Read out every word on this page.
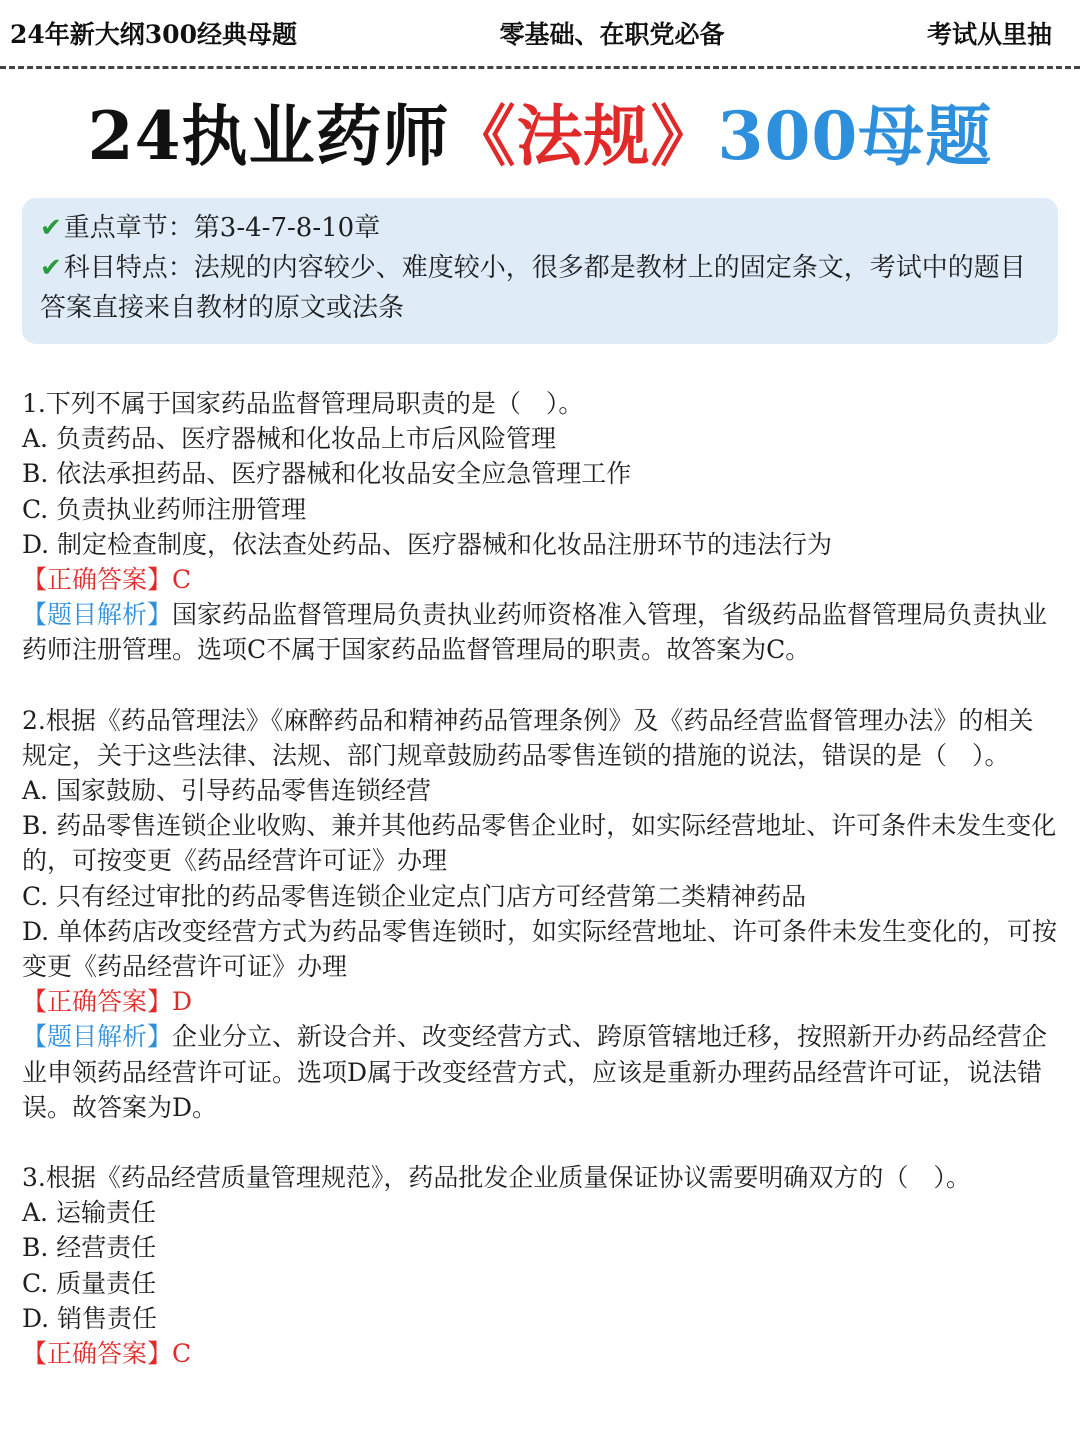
24年新大纲300经典母题	零基础、在职党必备	考试从里抽
24执业药师《法规》300母题

✔重点章节：第3-4-7-8-10章

✔科目特点：法规的内容较少、难度较小，很多都是教材上的固定条文，考试中的题目答案直接来自教材的原文或法条

1.下列不属于国家药品监督管理局职责的是（　）。

A. 负责药品、医疗器械和化妆品上市后风险管理

B. 依法承担药品、医疗器械和化妆品安全应急管理工作

C. 负责执业药师注册管理

D. 制定检查制度，依法查处药品、医疗器械和化妆品注册环节的违法行为

【正确答案】C

【题目解析】国家药品监督管理局负责执业药师资格准入管理，省级药品监督管理局负责执业药师注册管理。选项C不属于国家药品监督管理局的职责。故答案为C。

2.根据《药品管理法》《麻醉药品和精神药品管理条例》及《药品经营监督管理办法》的相关规定，关于这些法律、法规、部门规章鼓励药品零售连锁的措施的说法，错误的是（　）。

A. 国家鼓励、引导药品零售连锁经营

B. 药品零售连锁企业收购、兼并其他药品零售企业时，如实际经营地址、许可条件未发生变化的，可按变更《药品经营许可证》办理

C. 只有经过审批的药品零售连锁企业定点门店方可经营第二类精神药品

D. 单体药店改变经营方式为药品零售连锁时，如实际经营地址、许可条件未发生变化的，可按变更《药品经营许可证》办理

【正确答案】D

【题目解析】企业分立、新设合并、改变经营方式、跨原管辖地迁移，按照新开办药品经营企业申领药品经营许可证。选项D属于改变经营方式，应该是重新办理药品经营许可证，说法错误。故答案为D。

3.根据《药品经营质量管理规范》，药品批发企业质量保证协议需要明确双方的（　）。

A. 运输责任

B. 经营责任

C. 质量责任

D. 销售责任

【正确答案】C
